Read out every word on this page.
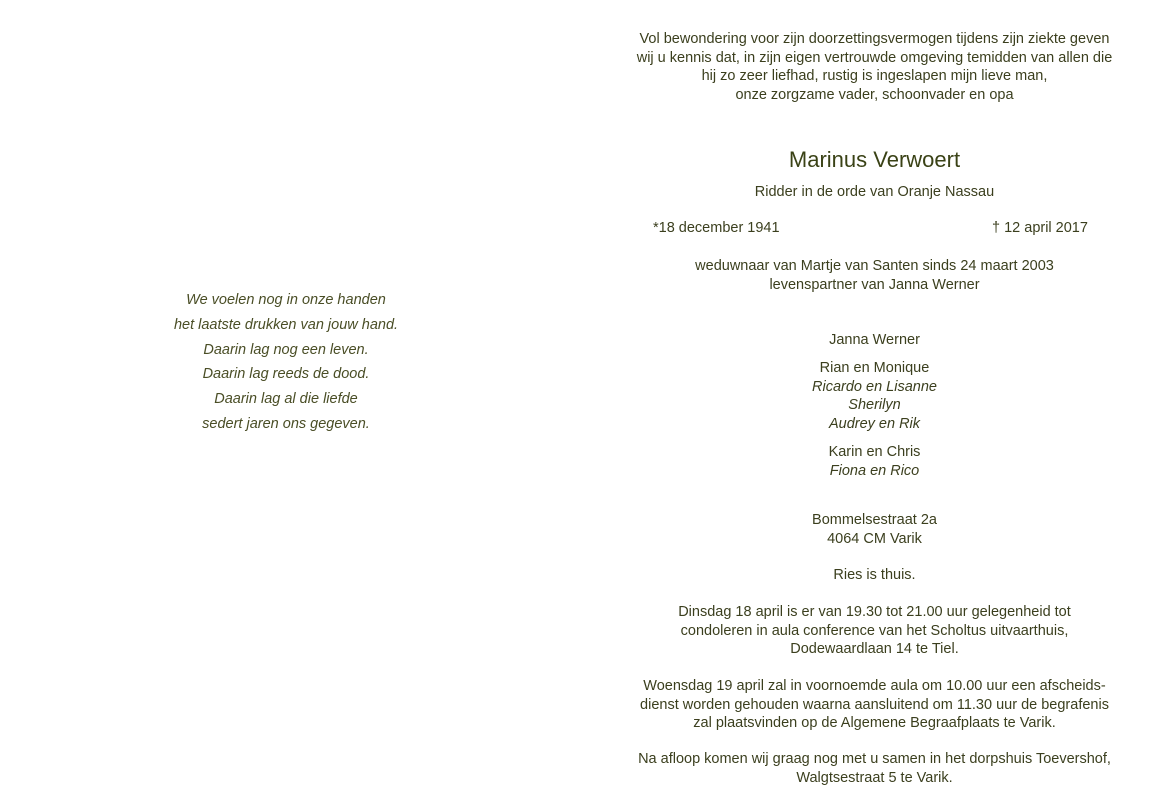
We voelen nog in onze handen
het laatste drukken van jouw hand.
Daarin lag nog een leven.
Daarin lag reeds de dood.
Daarin lag al die liefde
sedert jaren ons gegeven.
Vol bewondering voor zijn doorzettingsvermogen tijdens zijn ziekte geven
wij u kennis dat, in zijn eigen vertrouwde omgeving temidden van allen die
hij zo zeer liefhad, rustig is ingeslapen mijn lieve man,
onze zorgzame vader, schoonvader en opa
Marinus Verwoert
Ridder in de orde van Oranje Nassau
*18 december 1941	† 12 april 2017
weduwnaar van Martje van Santen sinds 24 maart 2003
levenspartner van Janna Werner
Janna Werner
Rian en Monique
Ricardo en Lisanne
Sherilyn
Audrey en Rik
Karin en Chris
Fiona en Rico
Bommelsestraat 2a
4064 CM Varik
Ries is thuis.
Dinsdag 18 april is er van 19.30 tot 21.00 uur gelegenheid tot
condoleren in aula conference van het Scholtus uitvaarthuis,
Dodewaardlaan 14 te Tiel.
Woensdag 19 april zal in voornoemde aula om 10.00 uur een afscheids-
dienst worden gehouden waarna aansluitend om 11.30 uur de begrafenis
zal plaatsvinden op de Algemene Begraafplaats te Varik.
Na afloop komen wij graag nog met u samen in het dorpshuis Toevershof,
Walgtsestraat 5 te Varik.
